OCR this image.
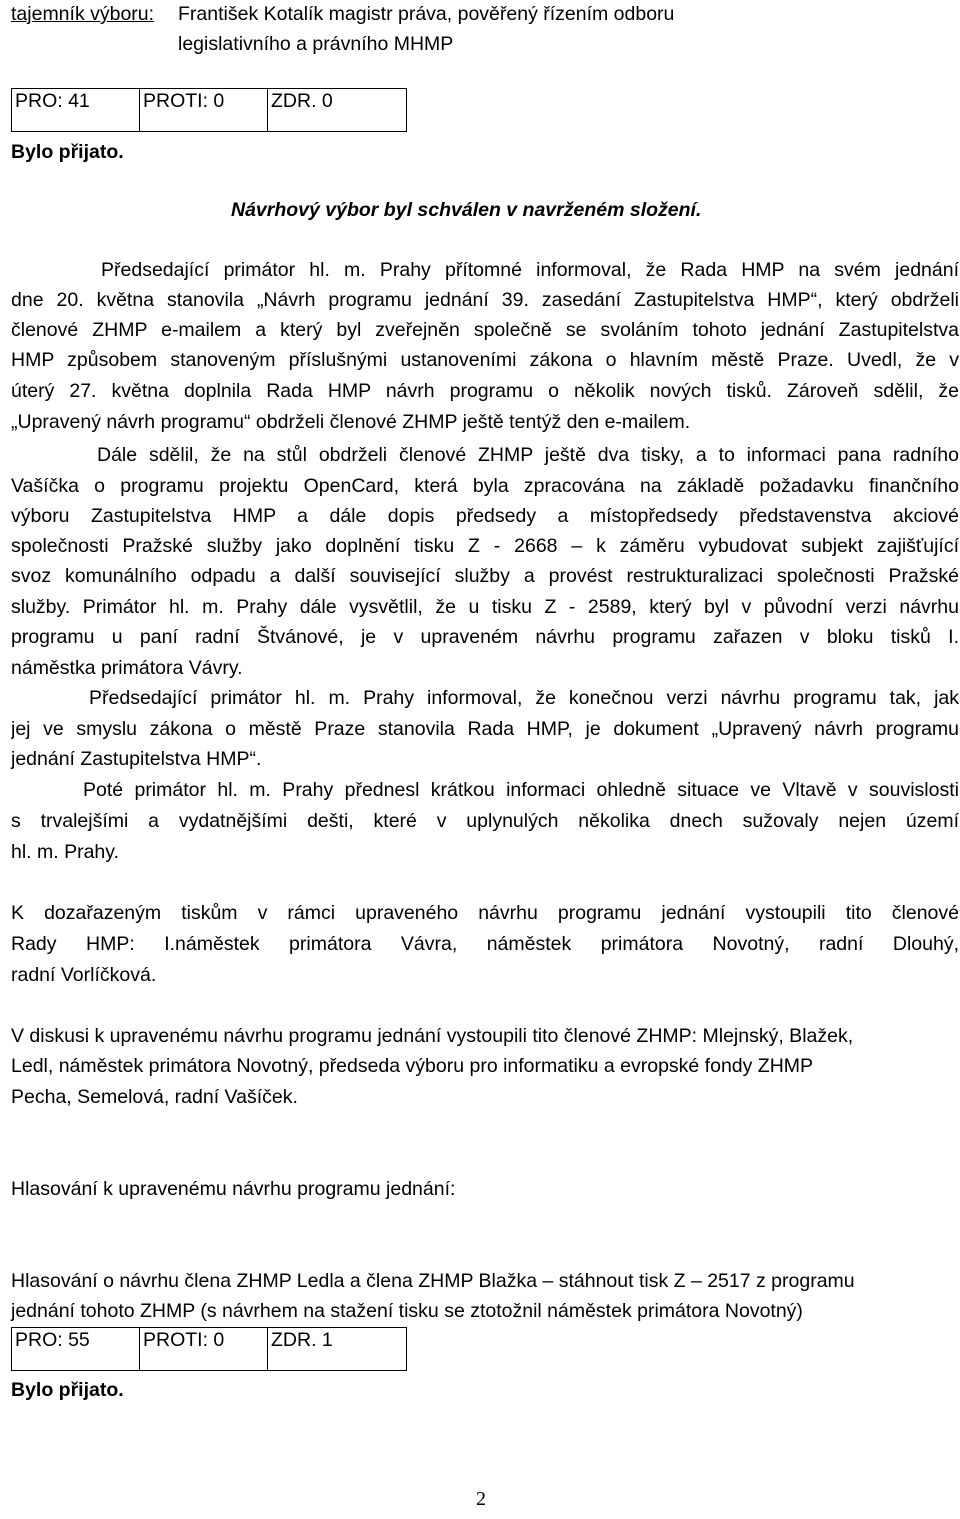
tajemník výboru: František Kotalík magistr práva, pověřený řízením odboru
legislativního a právního MHMP
PRO: 41	PROTI: 0	ZDR. 0
Bylo přijato.
Návrhový výbor byl schválen v navrženém složení.
Předsedající primátor hl. m. Prahy přítomné informoval, že Rada HMP na svém jednání
dne 20. května stanovila „Návrh programu jednání 39. zasedání Zastupitelstva HMP“, který obdrželi
členové ZHMP e-mailem a který byl zveřejněn společně se svoláním tohoto jednání Zastupitelstva
HMP způsobem stanoveným příslušnými ustanoveními zákona o hlavním městě Praze. Uvedl, že v
úterý 27. května doplnila Rada HMP návrh programu o několik nových tisků. Zároveň sdělil, že
„Upravený návrh programu“ obdrželi členové ZHMP ještě tentýž den e-mailem.
Dále sdělil, že na stůl obdrželi členové ZHMP ještě dva tisky, a to informaci pana radního
Vašíčka o programu projektu OpenCard, která byla zpracována na základě požadavku finančního
výboru Zastupitelstva HMP a dále dopis předsedy a místopředsedy představenstva akciové
společnosti Pražské služby jako doplnění tisku Z - 2668 – k záměru vybudovat subjekt zajišťující
svoz komunálního odpadu a další související služby a provést restrukturalizaci společnosti Pražské
služby. Primátor hl. m. Prahy dále vysvětlil, že u tisku Z - 2589, který byl v původní verzi návrhu
programu u paní radní Štvánové, je v upraveném návrhu programu zařazen v bloku tisků I.
náměstka primátora Vávry.
Předsedající primátor hl. m. Prahy informoval, že konečnou verzi návrhu programu tak, jak
jej ve smyslu zákona o městě Praze stanovila Rada HMP, je dokument „Upravený návrh programu
jednání Zastupitelstva HMP“.
Poté primátor hl. m. Prahy přednesl krátkou informaci ohledně situace ve Vltavě v souvislosti
s trvalejšími a vydatnějšími dešti, které v uplynulých několika dnech sužovaly nejen území
hl. m. Prahy.
K dozařazeným tiskům v rámci upraveného návrhu programu jednání vystoupili tito členové
Rady HMP: I.náměstek primátora Vávra, náměstek primátora Novotný, radní Dlouhý,
radní Vorlíčková.
V diskusi k upravenému návrhu programu jednání vystoupili tito členové ZHMP: Mlejnský, Blažek,
Ledl, náměstek primátora Novotný, předseda výboru pro informatiku a evropské fondy ZHMP
Pecha, Semelová, radní Vašíček.
Hlasování k upravenému návrhu programu jednání:
Hlasování o návrhu člena ZHMP Ledla a člena ZHMP Blažka – stáhnout tisk Z – 2517 z programu
jednání tohoto ZHMP (s návrhem na stažení tisku se ztotožnil náměstek primátora Novotný)
PRO: 55	PROTI: 0	ZDR. 1
Bylo přijato.
2
